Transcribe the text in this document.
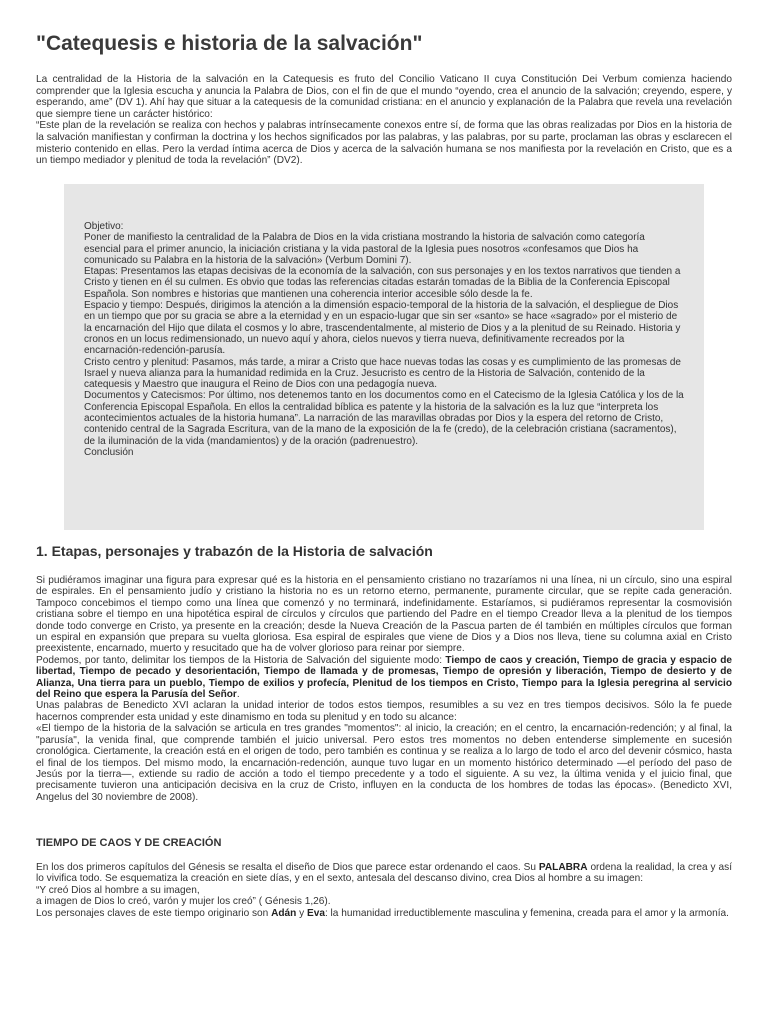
"Catequesis e historia de la salvación"

La centralidad de la Historia de la salvación en la Catequesis es fruto del Concilio Vaticano II cuya Constitución Dei Verbum comienza haciendo comprender que la Iglesia escucha y anuncia la Palabra de Dios, con el fin de que el mundo “oyendo, crea el anuncio de la salvación; creyendo, espere, y esperando, ame” (DV 1). Ahí hay que situar a la catequesis de la comunidad cristiana: en el anuncio y explanación de la Palabra que revela una revelación que siempre tiene un carácter histórico:

“Este plan de la revelación se realiza con hechos y palabras intrínsecamente conexos entre sí, de forma que las obras realizadas por Dios en la historia de la salvación manifiestan y confirman la doctrina y los hechos significados por las palabras, y las palabras, por su parte, proclaman las obras y esclarecen el misterio contenido en ellas. Pero la verdad íntima acerca de Dios y acerca de la salvación humana se nos manifiesta por la revelación en Cristo, que es a un tiempo mediador y plenitud de toda la revelación” (DV2).

Objetivo:

Poner de manifiesto la centralidad de la Palabra de Dios en la vida cristiana mostrando la historia de salvación como categoría esencial para el primer anuncio, la iniciación cristiana y la vida pastoral de la Iglesia pues nosotros «confesamos que Dios ha comunicado su Palabra en la historia de la salvación» (Verbum Domini 7).

Etapas: Presentamos las etapas decisivas de la economía de la salvación, con sus personajes y en los textos narrativos que tienden a Cristo y tienen en él su culmen. Es obvio que todas las referencias citadas estarán tomadas de la Biblia de la Conferencia Episcopal Española. Son nombres e historias que mantienen una coherencia interior accesible sólo desde la fe.

Espacio y tiempo: Después, dirigimos la atención a la dimensión espacio-temporal de la historia de la salvación, el despliegue de Dios en un tiempo que por su gracia se abre a la eternidad y en un espacio-lugar que sin ser «santo» se hace «sagrado» por el misterio de la encarnación del Hijo que dilata el cosmos y lo abre, trascendentalmente, al misterio de Dios y a la plenitud de su Reinado. Historia y cronos en un locus redimensionado, un nuevo aquí y ahora, cielos nuevos y tierra nueva, definitivamente recreados por la encarnación-redención-parusía.

Cristo centro y plenitud: Pasamos, más tarde, a mirar a Cristo que hace nuevas todas las cosas y es cumplimiento de las promesas de Israel y nueva alianza para la humanidad redimida en la Cruz. Jesucristo es centro de la Historia de Salvación, contenido de la catequesis y Maestro que inaugura el Reino de Dios con una pedagogía nueva.

Documentos y Catecismos: Por último, nos detenemos tanto en los documentos como en el Catecismo de la Iglesia Católica y los de la Conferencia Episcopal Española. En ellos la centralidad bíblica es patente y la historia de la salvación es la luz que “interpreta los acontecimientos actuales de la historia humana”. La narración de las maravillas obradas por Dios y la espera del retorno de Cristo, contenido central de la Sagrada Escritura, van de la mano de la exposición de la fe (credo), de la celebración cristiana (sacramentos), de la iluminación de la vida (mandamientos) y de la oración (padrenuestro).

Conclusión

1. Etapas, personajes y trabazón de la Historia de salvación

Si pudiéramos imaginar una figura para expresar qué es la historia en el pensamiento cristiano no trazaríamos ni una línea, ni un círculo, sino una espiral de espirales. En el pensamiento judío y cristiano la historia no es un retorno eterno, permanente, puramente circular, que se repite cada generación. Tampoco concebimos el tiempo como una línea que comenzó y no terminará, indefinidamente. Estaríamos, si pudiéramos representar la cosmovisión cristiana sobre el tiempo en una hipotética espiral de círculos y círculos que partiendo del Padre en el tiempo Creador lleva a la plenitud de los tiempos donde todo converge en Cristo, ya presente en la creación; desde la Nueva Creación de la Pascua parten de él también en múltiples círculos que forman un espiral en expansión que prepara su vuelta gloriosa. Esa espiral de espirales que viene de Dios y a Dios nos lleva, tiene su columna axial en Cristo preexistente, encarnado, muerto y resucitado que ha de volver glorioso para reinar por siempre.

Podemos, por tanto, delimitar los tiempos de la Historia de Salvación del siguiente modo: Tiempo de caos y creación, Tiempo de gracia y espacio de libertad, Tiempo de pecado y desorientación, Tiempo de llamada y de promesas, Tiempo de opresión y liberación, Tiempo de desierto y de Alianza, Una tierra para un pueblo, Tiempo de exilios y profecía, Plenitud de los tiempos en Cristo, Tiempo para la Iglesia peregrina al servicio del Reino que espera la Parusía del Señor.

Unas palabras de Benedicto XVI aclaran la unidad interior de todos estos tiempos, resumibles a su vez en tres tiempos decisivos. Sólo la fe puede hacernos comprender esta unidad y este dinamismo en toda su plenitud y en todo su alcance:

«El tiempo de la historia de la salvación se articula en tres grandes "momentos": al inicio, la creación; en el centro, la encarnación-redención; y al final, la "parusía", la venida final, que comprende también el juicio universal. Pero estos tres momentos no deben entenderse simplemente en sucesión cronológica. Ciertamente, la creación está en el origen de todo, pero también es continua y se realiza a lo largo de todo el arco del devenir cósmico, hasta el final de los tiempos. Del mismo modo, la encarnación-redención, aunque tuvo lugar en un momento histórico determinado —el período del paso de Jesús por la tierra—, extiende su radio de acción a todo el tiempo precedente y a todo el siguiente. A su vez, la última venida y el juicio final, que precisamente tuvieron una anticipación decisiva en la cruz de Cristo, influyen en la conducta de los hombres de todas las épocas». (Benedicto XVI, Angelus del 30 noviembre de 2008).

TIEMPO DE CAOS Y DE CREACIÓN

En los dos primeros capítulos del Génesis se resalta el diseño de Dios que parece estar ordenando el caos. Su PALABRA ordena la realidad, la crea y así lo vivifica todo. Se esquematiza la creación en siete días, y en el sexto, antesala del descanso divino, crea Dios al hombre a su imagen:

“Y creó Dios al hombre a su imagen,

a imagen de Dios lo creó, varón y mujer los creó” ( Génesis 1,26).

Los personajes claves de este tiempo originario son Adán y Eva: la humanidad irreductiblemente masculina y femenina, creada para el amor y la armonía.
